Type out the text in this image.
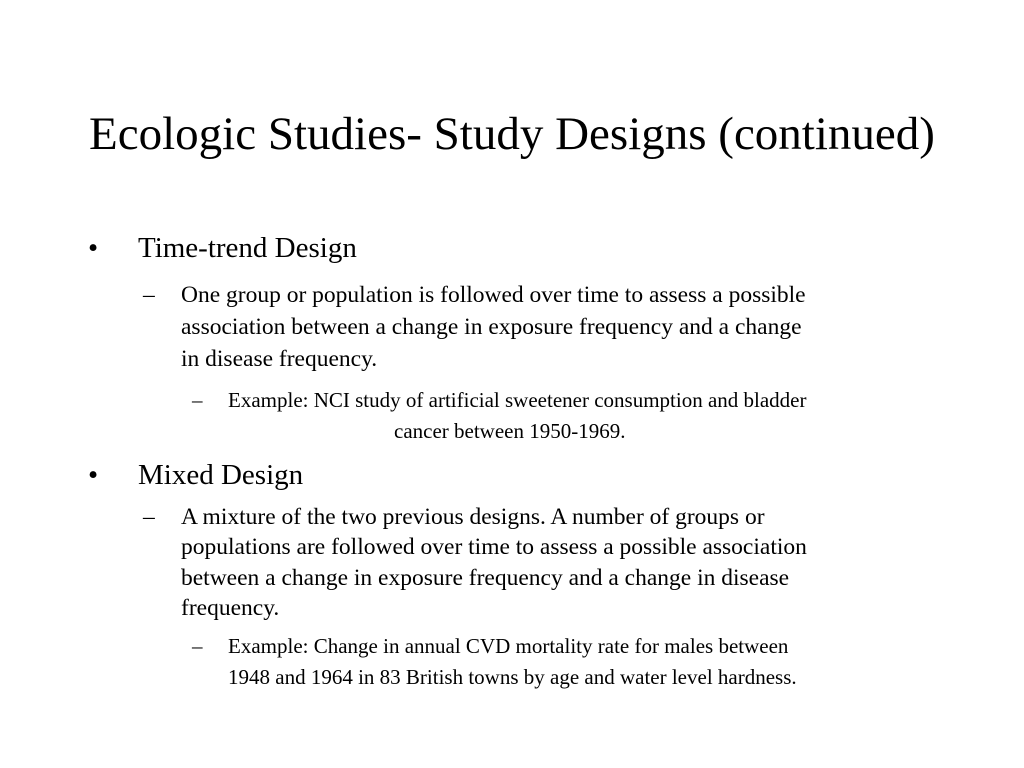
Ecologic Studies- Study Designs (continued)
• Time-trend Design
– One group or population is followed over time to assess a possible
association between a change in exposure frequency and a change
in disease frequency.
– Example: NCI study of artificial sweetener consumption and bladder
cancer between 1950-1969.
• Mixed Design
– A mixture of the two previous designs. A number of groups or
populations are followed over time to assess a possible association
between a change in exposure frequency and a change in disease
frequency.
– Example: Change in annual CVD mortality rate for males between
1948 and 1964 in 83 British towns by age and water level hardness.
